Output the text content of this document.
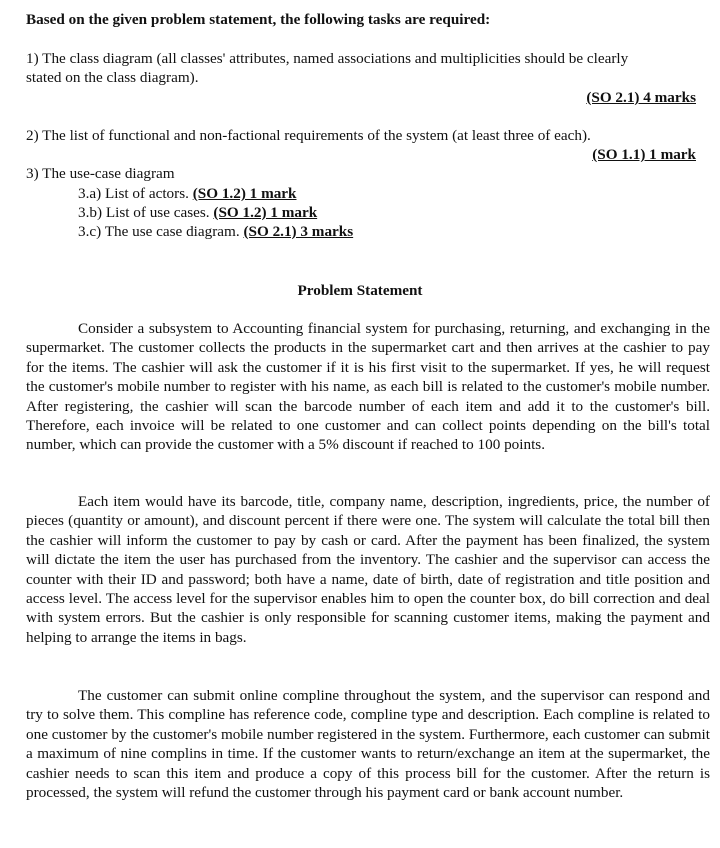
Based on the given problem statement, the following tasks are required:
1) The class diagram (all classes' attributes, named associations and multiplicities should be clearly
stated on the class diagram).
(SO 2.1) 4 marks
2) The list of functional and non-factional requirements of the system (at least three of each).
(SO 1.1) 1 mark
3) The use-case diagram
3.a) List of actors. (SO 1.2) 1 mark
3.b) List of use cases. (SO 1.2) 1 mark
3.c) The use case diagram. (SO 2.1) 3 marks
Problem Statement
Consider a subsystem to Accounting financial system for purchasing, returning, and exchanging in the supermarket. The customer collects the products in the supermarket cart and then arrives at the cashier to pay for the items. The cashier will ask the customer if it is his first visit to the supermarket. If yes, he will request the customer's mobile number to register with his name, as each bill is related to the customer's mobile number. After registering, the cashier will scan the barcode number of each item and add it to the customer's bill. Therefore, each invoice will be related to one customer and can collect points depending on the bill's total number, which can provide the customer with a 5% discount if reached to 100 points.
Each item would have its barcode, title, company name, description, ingredients, price, the number of pieces (quantity or amount), and discount percent if there were one. The system will calculate the total bill then the cashier will inform the customer to pay by cash or card. After the payment has been finalized, the system will dictate the item the user has purchased from the inventory. The cashier and the supervisor can access the counter with their ID and password; both have a name, date of birth, date of registration and title position and access level. The access level for the supervisor enables him to open the counter box, do bill correction and deal with system errors. But the cashier is only responsible for scanning customer items, making the payment and helping to arrange the items in bags.
The customer can submit online compline throughout the system, and the supervisor can respond and try to solve them. This compline has reference code, compline type and description. Each compline is related to one customer by the customer's mobile number registered in the system. Furthermore, each customer can submit a maximum of nine complins in time. If the customer wants to return/exchange an item at the supermarket, the cashier needs to scan this item and produce a copy of this process bill for the customer. After the return is processed, the system will refund the customer through his payment card or bank account number.
